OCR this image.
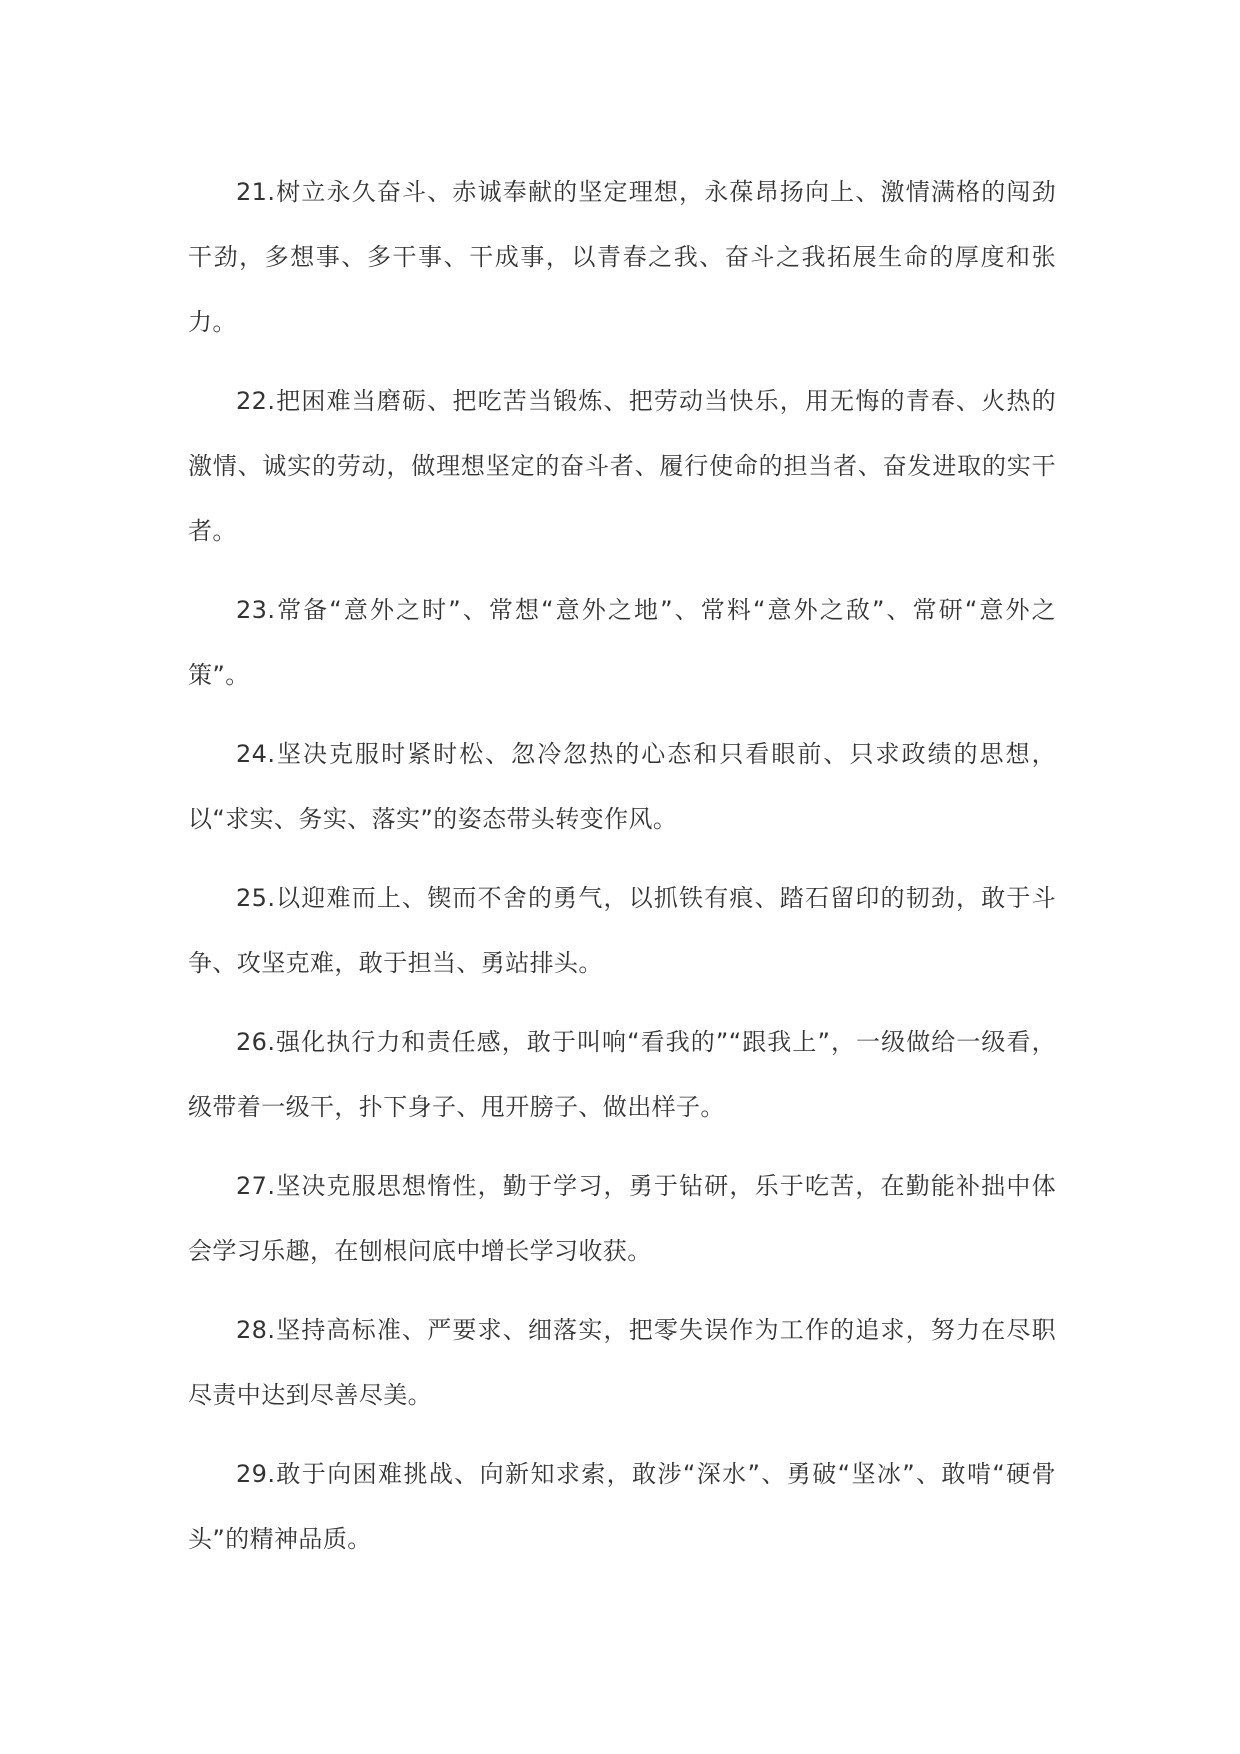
21.树立永久奋斗、赤诚奉献的坚定理想，永葆昂扬向上、激情满格的闯劲干劲，多想事、多干事、干成事，以青春之我、奋斗之我拓展生命的厚度和张力。

22.把困难当磨砺、把吃苦当锻炼、把劳动当快乐，用无悔的青春、火热的激情、诚实的劳动，做理想坚定的奋斗者、履行使命的担当者、奋发进取的实干者。

23.常备“意外之时”、常想“意外之地”、常料“意外之敌”、常研“意外之策”。

24.坚决克服时紧时松、忽冷忽热的心态和只看眼前、只求政绩的思想，以“求实、务实、落实”的姿态带头转变作风。

25.以迎难而上、锲而不舍的勇气，以抓铁有痕、踏石留印的韧劲，敢于斗争、攻坚克难，敢于担当、勇站排头。

26.强化执行力和责任感，敢于叫响“看我的”“跟我上”，一级做给一级看，级带着一级干，扑下身子、甩开膀子、做出样子。

27.坚决克服思想惰性，勤于学习，勇于钻研，乐于吃苦，在勤能补拙中体会学习乐趣，在刨根问底中增长学习收获。

28.坚持高标准、严要求、细落实，把零失误作为工作的追求，努力在尽职尽责中达到尽善尽美。

29.敢于向困难挑战、向新知求索，敢涉“深水”、勇破“坚冰”、敢啃“硬骨头”的精神品质。
